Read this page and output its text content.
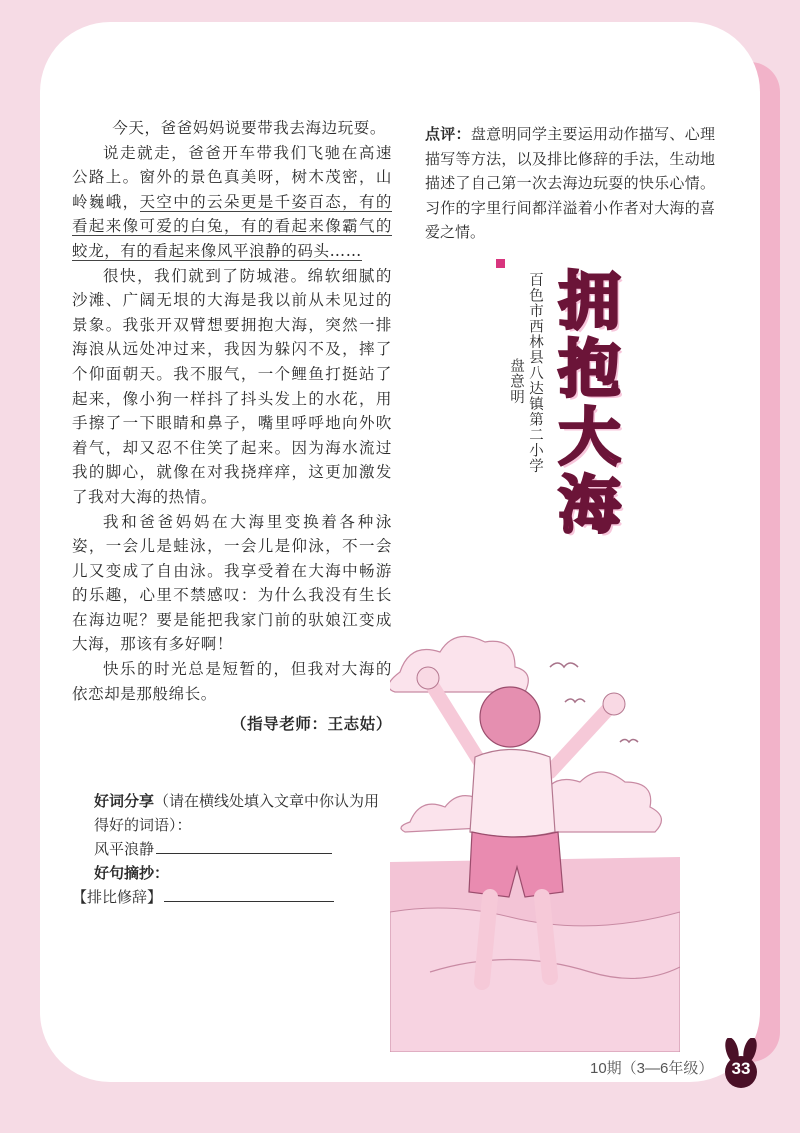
今天，爸爸妈妈说要带我去海边玩耍。

说走就走，爸爸开车带我们飞驰在高速公路上。窗外的景色真美呀，树木茂密，山岭巍峨，天空中的云朵更是千姿百态，有的看起来像可爱的白兔，有的看起来像霸气的蛟龙，有的看起来像风平浪静的码头……

很快，我们就到了防城港。绵软细腻的沙滩、广阔无垠的大海是我以前从未见过的景象。我张开双臂想要拥抱大海，突然一排海浪从远处冲过来，我因为躲闪不及，摔了个仰面朝天。我不服气，一个鲤鱼打挺站了起来，像小狗一样抖了抖头发上的水花，用手擦了一下眼睛和鼻子，嘴里呼呼地向外吹着气，却又忍不住笑了起来。因为海水流过我的脚心，就像在对我挠痒痒，这更加激发了我对大海的热情。

我和爸爸妈妈在大海里变换着各种泳姿，一会儿是蛙泳，一会儿是仰泳，不一会儿又变成了自由泳。我享受着在大海中畅游的乐趣，心里不禁感叹：为什么我没有生长在海边呢？要是能把我家门前的驮娘江变成大海，那该有多好啊！

快乐的时光总是短暂的，但我对大海的依恋却是那般绵长。

（指导老师：王志姑）

好词分享（请在横线处填入文章中你认为用得好的词语）：
风平浪静
好句摘抄：
【排比修辞】
点评：盘意明同学主要运用动作描写、心理描写等方法，以及排比修辞的手法，生动地描述了自己第一次去海边玩耍的快乐心情。习作的字里行间都洋溢着小作者对大海的喜爱之情。
百色市西林县八达镇第二小学
盘意明 拥抱大海
10期（3—6年级）	33
